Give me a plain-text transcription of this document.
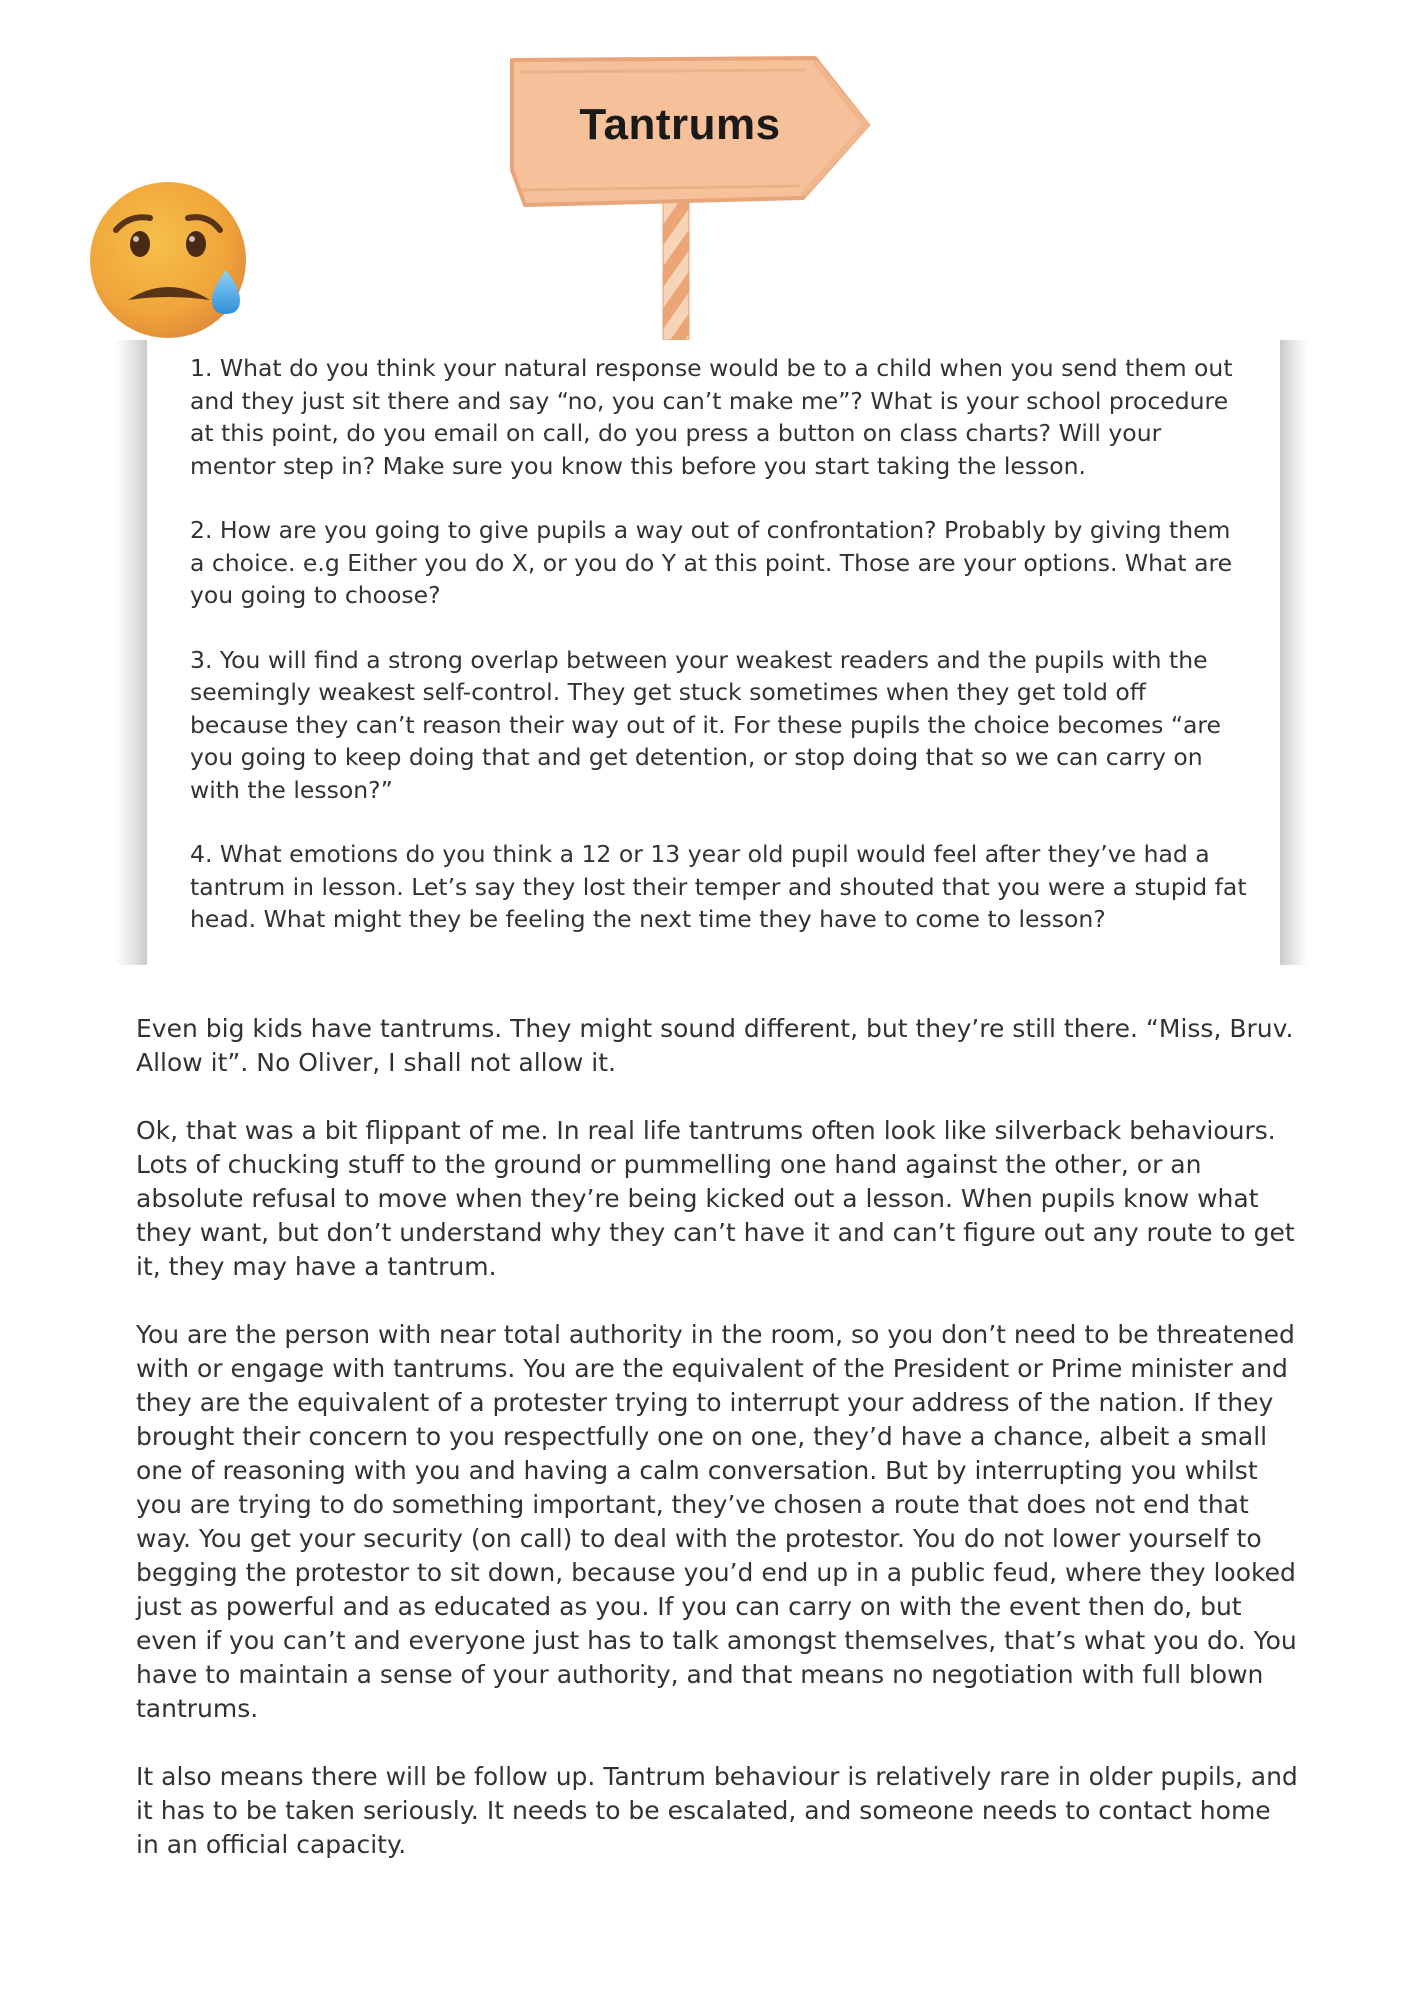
Tantrums

1. What do you think your natural response would be to a child when you send them out and they just sit there and say “no, you can’t make me”? What is your school procedure at this point, do you email on call, do you press a button on class charts? Will your mentor step in? Make sure you know this before you start taking the lesson.

2. How are you going to give pupils a way out of confrontation? Probably by giving them a choice. e.g Either you do X, or you do Y at this point. Those are your options. What are you going to choose?

3. You will find a strong overlap between your weakest readers and the pupils with the seemingly weakest self-control. They get stuck sometimes when they get told off because they can’t reason their way out of it. For these pupils the choice becomes “are you going to keep doing that and get detention, or stop doing that so we can carry on with the lesson?”

4. What emotions do you think a 12 or 13 year old pupil would feel after they’ve had a tantrum in lesson. Let’s say they lost their temper and shouted that you were a stupid fat head. What might they be feeling the next time they have to come to lesson?

Even big kids have tantrums. They might sound different, but they’re still there. “Miss, Bruv. Allow it”. No Oliver, I shall not allow it.

Ok, that was a bit flippant of me. In real life tantrums often look like silverback behaviours. Lots of chucking stuff to the ground or pummelling one hand against the other, or an absolute refusal to move when they’re being kicked out a lesson. When pupils know what they want, but don’t understand why they can’t have it and can’t figure out any route to get it, they may have a tantrum.

You are the person with near total authority in the room, so you don’t need to be threatened with or engage with tantrums. You are the equivalent of the President or Prime minister and they are the equivalent of a protester trying to interrupt your address of the nation. If they brought their concern to you respectfully one on one, they’d have a chance, albeit a small one of reasoning with you and having a calm conversation. But by interrupting you whilst you are trying to do something important, they’ve chosen a route that does not end that way. You get your security (on call) to deal with the protestor. You do not lower yourself to begging the protestor to sit down, because you’d end up in a public feud, where they looked just as powerful and as educated as you. If you can carry on with the event then do, but even if you can’t and everyone just has to talk amongst themselves, that’s what you do. You have to maintain a sense of your authority, and that means no negotiation with full blown tantrums.

It also means there will be follow up. Tantrum behaviour is relatively rare in older pupils, and it has to be taken seriously. It needs to be escalated, and someone needs to contact home in an official capacity.
